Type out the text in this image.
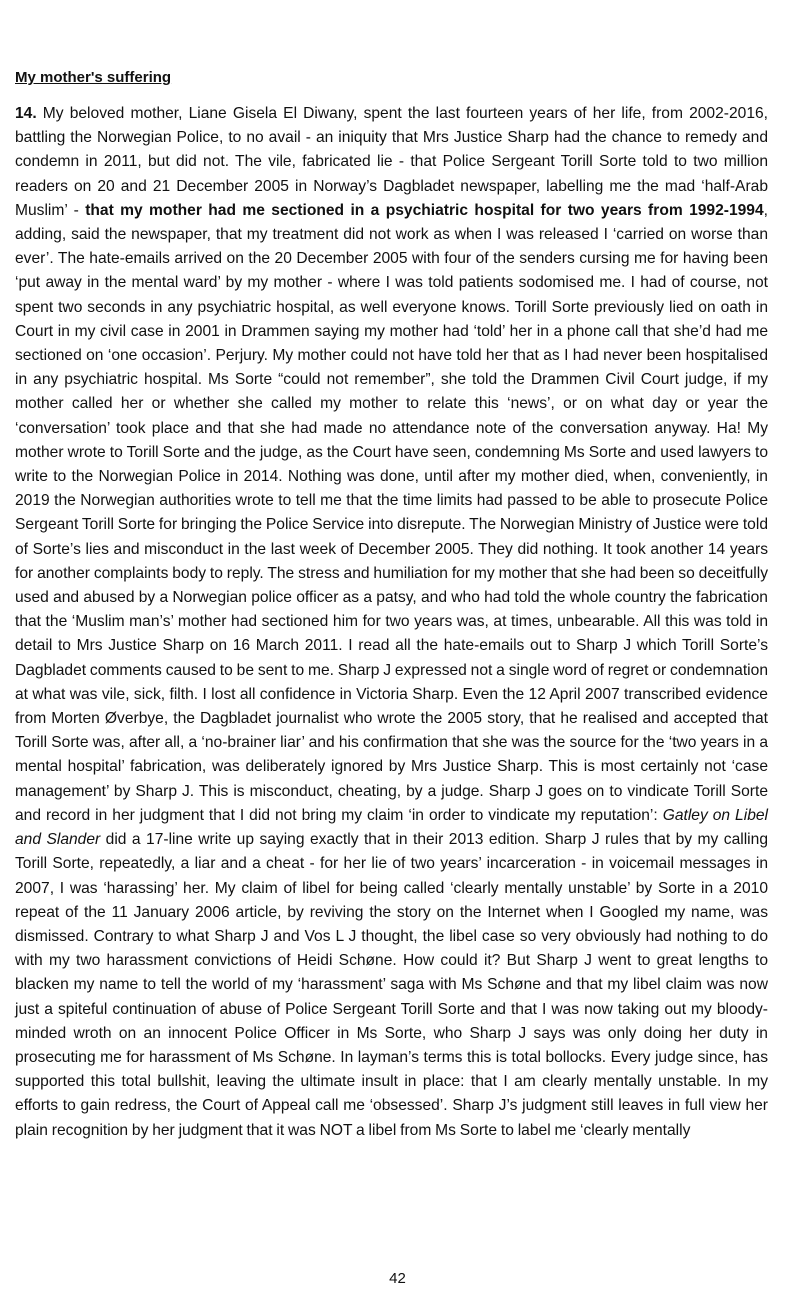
My mother's suffering

14. My beloved mother, Liane Gisela El Diwany, spent the last fourteen years of her life, from 2002-2016, battling the Norwegian Police, to no avail - an iniquity that Mrs Justice Sharp had the chance to remedy and condemn in 2011, but did not. The vile, fabricated lie - that Police Sergeant Torill Sorte told to two million readers on 20 and 21 December 2005 in Norway’s Dagbladet newspaper, labelling me the mad ‘half-Arab Muslim’ - that my mother had me sectioned in a psychiatric hospital for two years from 1992-1994, adding, said the newspaper, that my treatment did not work as when I was released I ‘carried on worse than ever’. The hate-emails arrived on the 20 December 2005 with four of the senders cursing me for having been ‘put away in the mental ward’ by my mother - where I was told patients sodomised me. I had of course, not spent two seconds in any psychiatric hospital, as well everyone knows. Torill Sorte previously lied on oath in Court in my civil case in 2001 in Drammen saying my mother had ‘told’ her in a phone call that she’d had me sectioned on ‘one occasion’. Perjury. My mother could not have told her that as I had never been hospitalised in any psychiatric hospital. Ms Sorte “could not remember”, she told the Drammen Civil Court judge, if my mother called her or whether she called my mother to relate this ‘news’, or on what day or year the ‘conversation’ took place and that she had made no attendance note of the conversation anyway. Ha! My mother wrote to Torill Sorte and the judge, as the Court have seen, condemning Ms Sorte and used lawyers to write to the Norwegian Police in 2014. Nothing was done, until after my mother died, when, conveniently, in 2019 the Norwegian authorities wrote to tell me that the time limits had passed to be able to prosecute Police Sergeant Torill Sorte for bringing the Police Service into disrepute. The Norwegian Ministry of Justice were told of Sorte’s lies and misconduct in the last week of December 2005. They did nothing. It took another 14 years for another complaints body to reply. The stress and humiliation for my mother that she had been so deceitfully used and abused by a Norwegian police officer as a patsy, and who had told the whole country the fabrication that the ‘Muslim man’s’ mother had sectioned him for two years was, at times, unbearable. All this was told in detail to Mrs Justice Sharp on 16 March 2011. I read all the hate-emails out to Sharp J which Torill Sorte’s Dagbladet comments caused to be sent to me. Sharp J expressed not a single word of regret or condemnation at what was vile, sick, filth. I lost all confidence in Victoria Sharp. Even the 12 April 2007 transcribed evidence from Morten Øverbye, the Dagbladet journalist who wrote the 2005 story, that he realised and accepted that Torill Sorte was, after all, a ‘no-brainer liar’ and his confirmation that she was the source for the ‘two years in a mental hospital’ fabrication, was deliberately ignored by Mrs Justice Sharp. This is most certainly not ‘case management’ by Sharp J. This is misconduct, cheating, by a judge. Sharp J goes on to vindicate Torill Sorte and record in her judgment that I did not bring my claim ‘in order to vindicate my reputation’: Gatley on Libel and Slander did a 17-line write up saying exactly that in their 2013 edition. Sharp J rules that by my calling Torill Sorte, repeatedly, a liar and a cheat - for her lie of two years’ incarceration - in voicemail messages in 2007, I was ‘harassing’ her. My claim of libel for being called ‘clearly mentally unstable’ by Sorte in a 2010 repeat of the 11 January 2006 article, by reviving the story on the Internet when I Googled my name, was dismissed. Contrary to what Sharp J and Vos L J thought, the libel case so very obviously had nothing to do with my two harassment convictions of Heidi Schøne. How could it? But Sharp J went to great lengths to blacken my name to tell the world of my ‘harassment’ saga with Ms Schøne and that my libel claim was now just a spiteful continuation of abuse of Police Sergeant Torill Sorte and that I was now taking out my bloody-minded wroth on an innocent Police Officer in Ms Sorte, who Sharp J says was only doing her duty in prosecuting me for harassment of Ms Schøne. In layman’s terms this is total bollocks. Every judge since, has supported this total bullshit, leaving the ultimate insult in place: that I am clearly mentally unstable. In my efforts to gain redress, the Court of Appeal call me ‘obsessed’. Sharp J’s judgment still leaves in full view her plain recognition by her judgment that it was NOT a libel from Ms Sorte to label me ‘clearly mentally

42
